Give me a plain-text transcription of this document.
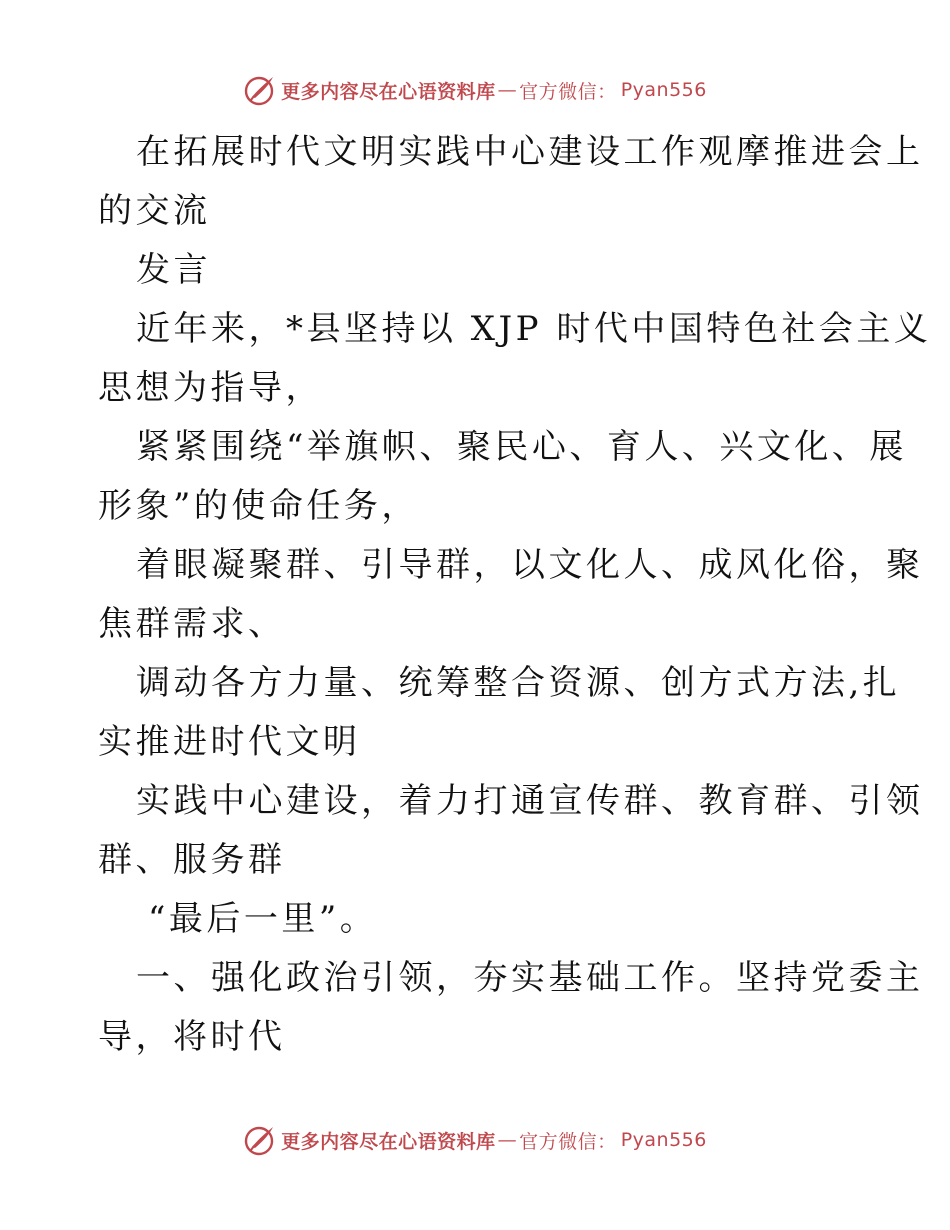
更多内容尽在心语资料库 — 官方微信： Pyan556

在拓展时代文明实践中心建设工作观摩推进会上

的交流

发言

近年来，*县坚持以 XJP 时代中国特色社会主义

思想为指导，

紧紧围绕“举旗帜、聚民心、育人、兴文化、展

形象”的使命任务，

着眼凝聚群、引导群，以文化人、成风化俗，聚

焦群需求、

调动各方力量、统筹整合资源、创方式方法,扎

实推进时代文明

实践中心建设，着力打通宣传群、教育群、引领

群、服务群

“最后一里”。

一、强化政治引领，夯实基础工作。坚持党委主

导，将时代

更多内容尽在心语资料库 — 官方微信： Pyan556
